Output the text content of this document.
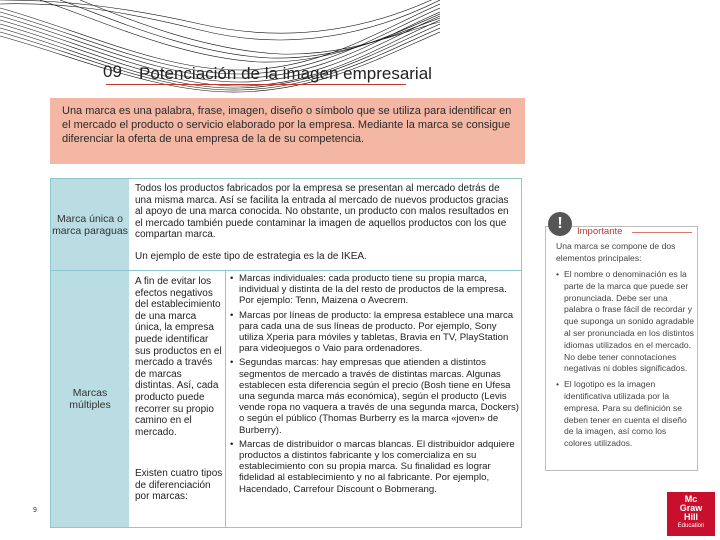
09 Potenciación de la imagen empresarial

Una marca es una palabra, frase, imagen, diseño o símbolo que se utiliza para identificar en el mercado el producto o servicio elaborado por la empresa. Mediante la marca se consigue diferenciar la oferta de una empresa de la de su competencia.

Marca única o marca paraguas
Marcas múltiples
Todos los productos fabricados por la empresa se presentan al mercado detrás de una misma marca. Así se facilita la entrada al mercado de nuevos productos gracias al apoyo de una marca conocida. No obstante, un producto con malos resultados en el mercado también puede contaminar la imagen de aquellos productos con los que compartan marca.
Un ejemplo de este tipo de estrategia es la de IKEA.
A fin de evitar los efectos negativos del establecimiento de una marca única, la empresa puede identificar sus productos en el mercado a través de marcas distintas. Así, cada producto puede recorrer su propio camino en el mercado.
Existen cuatro tipos de diferenciación por marcas:
• Marcas individuales: cada producto tiene su propia marca, individual y distinta de la del resto de productos de la empresa. Por ejemplo: Tenn, Maizena o Avecrem.
• Marcas por líneas de producto: la empresa establece una marca para cada una de sus líneas de producto. Por ejemplo, Sony utiliza Xperia para móviles y tabletas, Bravia en TV, PlayStation para videojuegos o Vaio para ordenadores.
• Segundas marcas: hay empresas que atienden a distintos segmentos de mercado a través de distintas marcas. Algunas establecen esta diferencia según el precio (Bosh tiene en Ufesa una segunda marca más económica), según el producto (Levis vende ropa no vaquera a través de una segunda marca, Dockers) o según el público (Thomas Burberry es la marca «joven» de Burberry).
• Marcas de distribuidor o marcas blancas. El distribuidor adquiere productos a distintos fabricante y los comercializa en su establecimiento con su propia marca. Su finalidad es lograr fidelidad al establecimiento y no al fabricante. Por ejemplo, Hacendado, Carrefour Discount o Bobmerang.
!	Importante
Una marca se compone de dos elementos principales:
• El nombre o denominación es la parte de la marca que puede ser pronunciada. Debe ser una palabra o frase fácil de recordar y que suponga un sonido agradable al ser pronunciada en los distintos idiomas utilizados en el mercado. No debe tener connotaciones negativas ni dobles significados.
• El logotipo es la imagen identificativa utilizada por la empresa. Para su definición se deben tener en cuenta el diseño de la imagen, así como los colores utilizados.
9
Mc
Graw
Hill
Education
